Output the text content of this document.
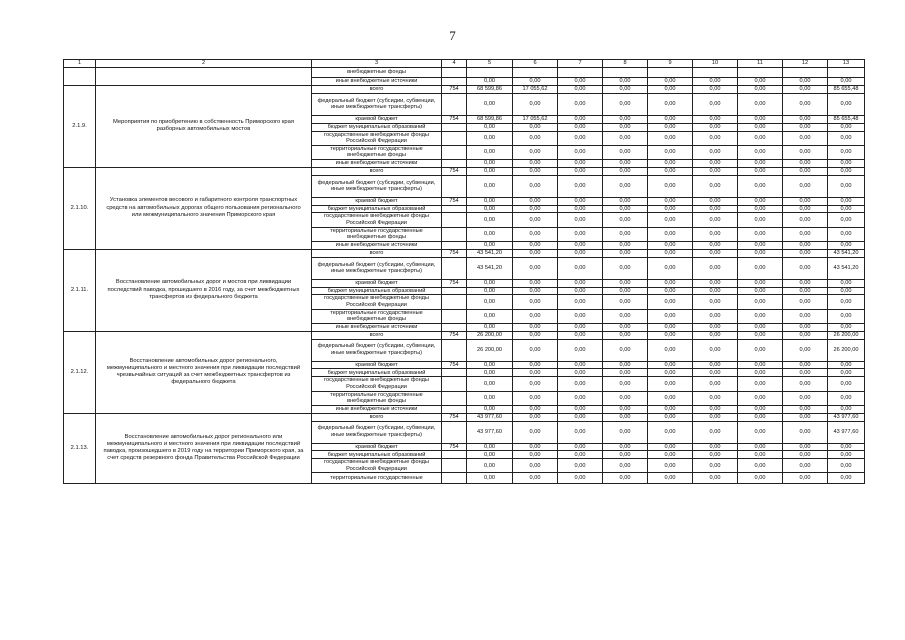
7
1	2	3	4	5	6	7	8	9	10	11	12	13
		внебюджетные фонды										
		иные внебюджетные источники		0,00	0,00	0,00	0,00	0,00	0,00	0,00	0,00	0,00
2.1.9.	Мероприятия по приобретению в собственность Приморского края разборных автомобильных мостов	всего	754	68 599,86	17 055,62	0,00	0,00	0,00	0,00	0,00	0,00	85 655,48
		федеральный бюджет (субсидии, субвенции, иные межбюджетные трансферты)		0,00	0,00	0,00	0,00	0,00	0,00	0,00	0,00	0,00
		краевой бюджет	754	68 599,86	17 055,62	0,00	0,00	0,00	0,00	0,00	0,00	85 655,48
		бюджет муниципальных образований		0,00	0,00	0,00	0,00	0,00	0,00	0,00	0,00	0,00
		государственные внебюджетные фонды Российской Федерации		0,00	0,00	0,00	0,00	0,00	0,00	0,00	0,00	0,00
		территориальные государственные внебюджетные фонды		0,00	0,00	0,00	0,00	0,00	0,00	0,00	0,00	0,00
		иные внебюджетные источники		0,00	0,00	0,00	0,00	0,00	0,00	0,00	0,00	0,00
2.1.10.	Установка элементов весового и габаритного контроля транспортных средств на автомобильных дорогах общего пользования регионального или межмуниципального значения Приморского края	всего	754	0,00	0,00	0,00	0,00	0,00	0,00	0,00	0,00	0,00
		федеральный бюджет (субсидии, субвенции, иные межбюджетные трансферты)		0,00	0,00	0,00	0,00	0,00	0,00	0,00	0,00	0,00
		краевой бюджет	754	0,00	0,00	0,00	0,00	0,00	0,00	0,00	0,00	0,00
		бюджет муниципальных образований		0,00	0,00	0,00	0,00	0,00	0,00	0,00	0,00	0,00
		государственные внебюджетные фонды Российской Федерации		0,00	0,00	0,00	0,00	0,00	0,00	0,00	0,00	0,00
		территориальные государственные внебюджетные фонды		0,00	0,00	0,00	0,00	0,00	0,00	0,00	0,00	0,00
		иные внебюджетные источники		0,00	0,00	0,00	0,00	0,00	0,00	0,00	0,00	0,00
2.1.11.	Восстановление автомобильных дорог и мостов при ликвидации последствий паводка, прошедшего в 2016 году, за счет межбюджетных трансфертов из федерального бюджета	всего	754	43 541,20	0,00	0,00	0,00	0,00	0,00	0,00	0,00	43 541,20
		федеральный бюджет (субсидии, субвенции, иные межбюджетные трансферты)		43 541,20	0,00	0,00	0,00	0,00	0,00	0,00	0,00	43 541,20
		краевой бюджет	754	0,00	0,00	0,00	0,00	0,00	0,00	0,00	0,00	0,00
		бюджет муниципальных образований		0,00	0,00	0,00	0,00	0,00	0,00	0,00	0,00	0,00
		государственные внебюджетные фонды Российской Федерации		0,00	0,00	0,00	0,00	0,00	0,00	0,00	0,00	0,00
		территориальные государственные внебюджетные фонды		0,00	0,00	0,00	0,00	0,00	0,00	0,00	0,00	0,00
		иные внебюджетные источники		0,00	0,00	0,00	0,00	0,00	0,00	0,00	0,00	0,00
2.1.12.	Восстановление автомобильных дорог регионального, межмуниципального и местного значения при ликвидации последствий чрезвычайных ситуаций за счет межбюджетных трансфертов из федерального бюджета	всего	754	26 200,00	0,00	0,00	0,00	0,00	0,00	0,00	0,00	26 200,00
		федеральный бюджет (субсидии, субвенции, иные межбюджетные трансферты)		26 200,00	0,00	0,00	0,00	0,00	0,00	0,00	0,00	26 200,00
		краевой бюджет	754	0,00	0,00	0,00	0,00	0,00	0,00	0,00	0,00	0,00
		бюджет муниципальных образований		0,00	0,00	0,00	0,00	0,00	0,00	0,00	0,00	0,00
		государственные внебюджетные фонды Российской Федерации		0,00	0,00	0,00	0,00	0,00	0,00	0,00	0,00	0,00
		территориальные государственные внебюджетные фонды		0,00	0,00	0,00	0,00	0,00	0,00	0,00	0,00	0,00
		иные внебюджетные источники		0,00	0,00	0,00	0,00	0,00	0,00	0,00	0,00	0,00
2.1.13.	Восстановление автомобильных дорог регионального или межмуниципального и местного значения при ликвидации последствий паводка, произошедшего в 2019 году на территории Приморского края, за счет средств резервного фонда Правительства Российской Федерации	всего	754	43 977,60	0,00	0,00	0,00	0,00	0,00	0,00	0,00	43 977,60
		федеральный бюджет (субсидии, субвенции, иные межбюджетные трансферты)		43 977,60	0,00	0,00	0,00	0,00	0,00	0,00	0,00	43 977,60
		краевой бюджет	754	0,00	0,00	0,00	0,00	0,00	0,00	0,00	0,00	0,00
		бюджет муниципальных образований		0,00	0,00	0,00	0,00	0,00	0,00	0,00	0,00	0,00
		государственные внебюджетные фонды Российской Федерации		0,00	0,00	0,00	0,00	0,00	0,00	0,00	0,00	0,00
		территориальные государственные		0,00	0,00	0,00	0,00	0,00	0,00	0,00	0,00	0,00
